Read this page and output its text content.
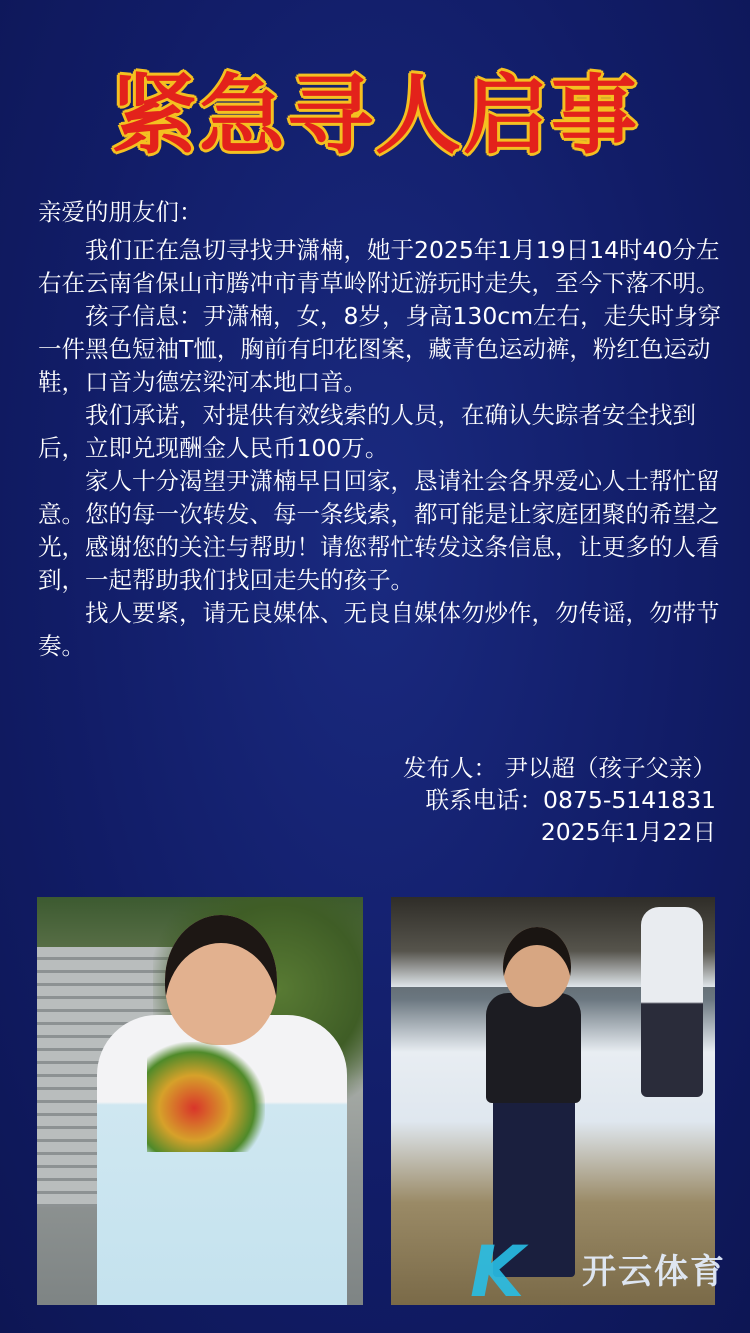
紧急寻人启事

亲爱的朋友们：

我们正在急切寻找尹潇楠，她于2025年1月19日14时40分左右在云南省保山市腾冲市青草岭附近游玩时走失，至今下落不明。

孩子信息：尹潇楠，女，8岁，身高130cm左右，走失时身穿一件黑色短袖T恤，胸前有印花图案，藏青色运动裤，粉红色运动鞋，口音为德宏梁河本地口音。

我们承诺，对提供有效线索的人员，在确认失踪者安全找到后，立即兑现酬金人民币100万。

家人十分渴望尹潇楠早日回家，恳请社会各界爱心人士帮忙留意。您的每一次转发、每一条线索，都可能是让家庭团聚的希望之光，感谢您的关注与帮助！请您帮忙转发这条信息，让更多的人看到，一起帮助我们找回走失的孩子。

找人要紧，请无良媒体、无良自媒体勿炒作，勿传谣，勿带节奏。

发布人： 尹以超（孩子父亲）
联系电话：0875-5141831
2025年1月22日
K 开云体育
